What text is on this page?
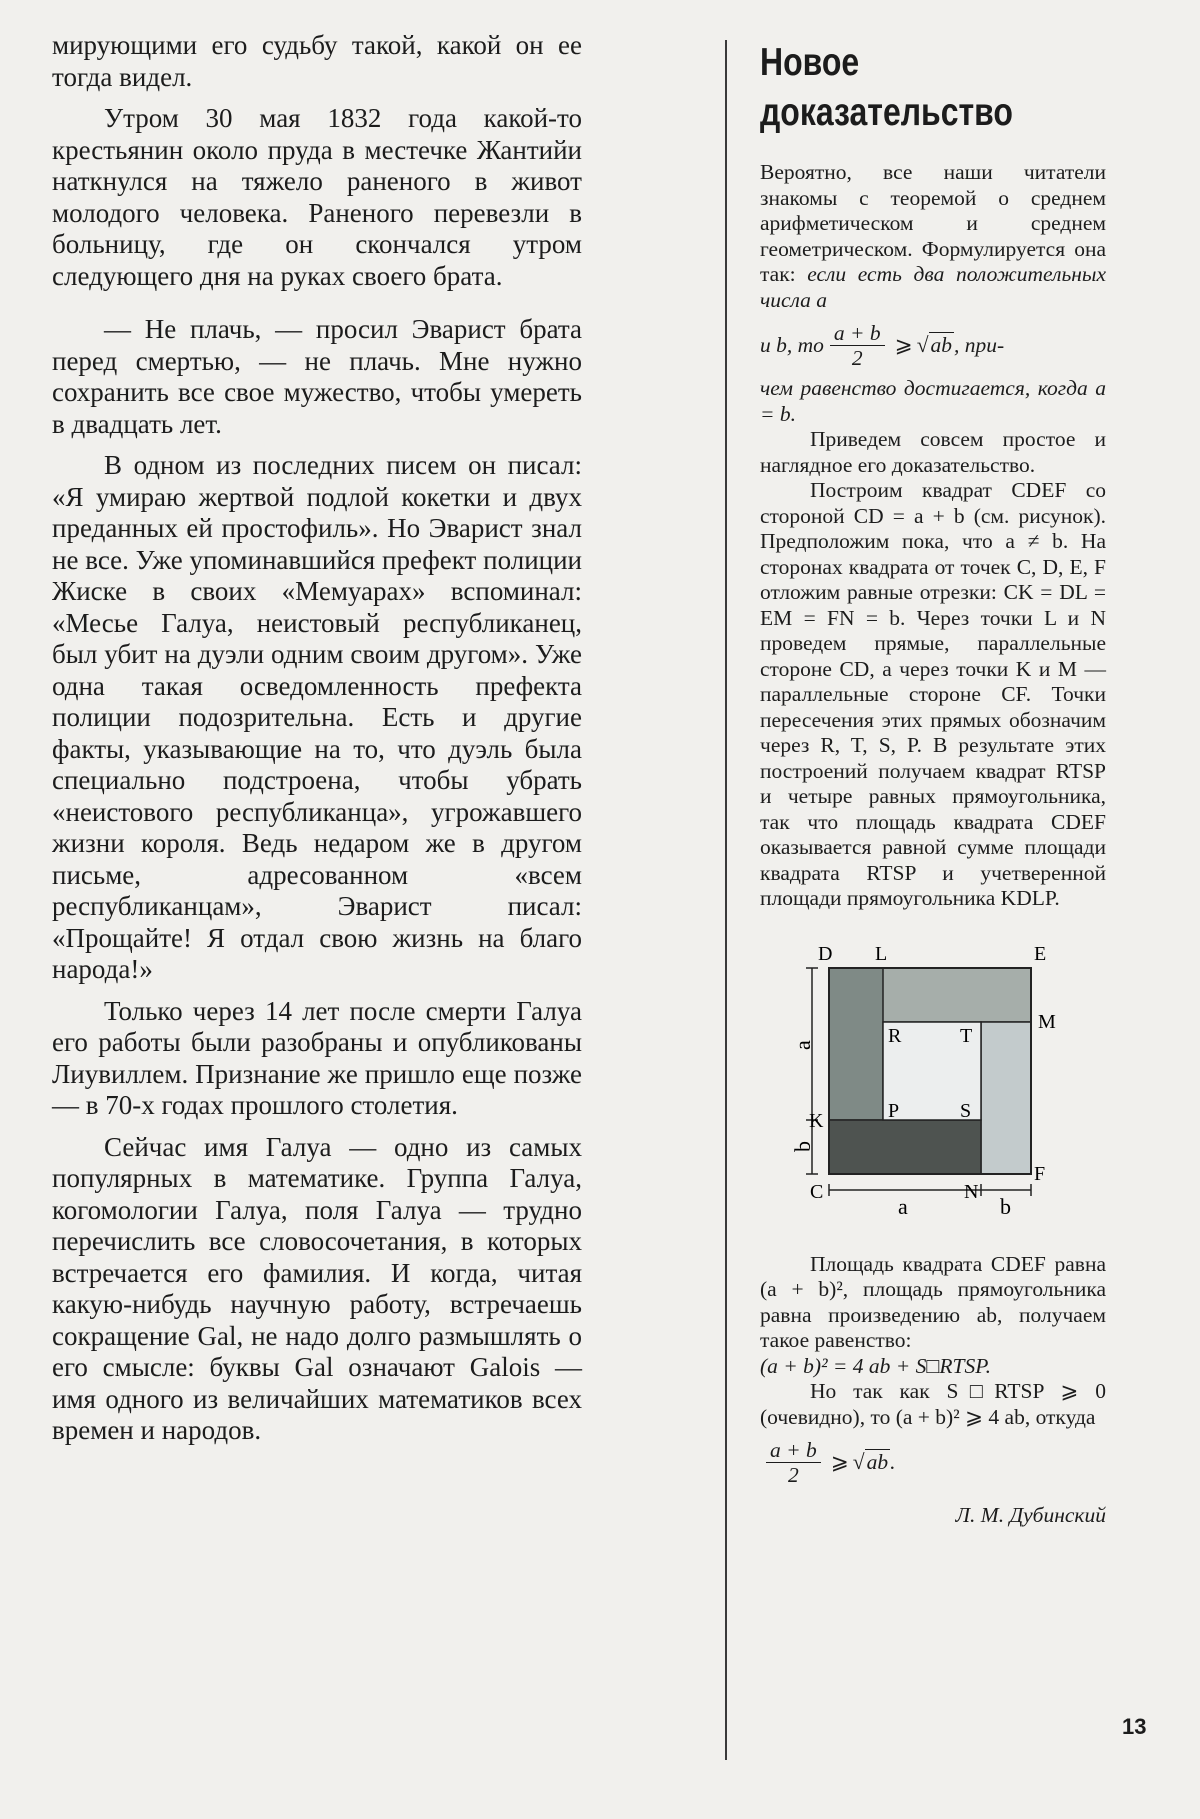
мирующими его судьбу такой, какой он ее тогда видел.

Утром 30 мая 1832 года какой-то крестьянин около пруда в местечке Жантийи наткнулся на тяжело раненого в живот молодого человека. Раненого перевезли в больницу, где он скончался утром следующего дня на руках своего брата.

— Не плачь, — просил Эварист брата перед смертью, — не плачь. Мне нужно сохранить все свое мужество, чтобы умереть в двадцать лет.

В одном из последних писем он писал: «Я умираю жертвой подлой кокетки и двух преданных ей простофиль». Но Эварист знал не все. Уже упоминавшийся префект полиции Жиске в своих «Мемуарах» вспоминал: «Месье Галуа, неистовый республиканец, был убит на дуэли одним своим другом». Уже одна такая осведомленность префекта полиции подозрительна. Есть и другие факты, указывающие на то, что дуэль была специально подстроена, чтобы убрать «неистового республиканца», угрожавшего жизни короля. Ведь недаром же в другом письме, адресованном «всем республиканцам», Эварист писал: «Прощайте! Я отдал свою жизнь на благо народа!»

Только через 14 лет после смерти Галуа его работы были разобраны и опубликованы Лиувиллем. Признание же пришло еще позже — в 70-х годах прошлого столетия.

Сейчас имя Галуа — одно из самых популярных в математике. Группа Галуа, когомологии Галуа, поля Галуа — трудно перечислить все словосочетания, в которых встречается его фамилия. И когда, читая какую-нибудь научную работу, встречаешь сокращение Gal, не надо долго размышлять о его смысле: буквы Gal означают Galois — имя одного из величайших математиков всех времен и народов.

Новое
доказательство

Вероятно, все наши читатели знакомы с теоремой о среднем арифметическом и среднем геометрическом. Формулируется она так: если есть два положительных числа a

и b, то $\frac{a + b}{2}$ ⩾ √ ab , при-

чем равенство достигается, когда a = b.

Приведем совсем простое и наглядное его доказательство.

Построим квадрат CDEF со стороной CD = a + b (см. рисунок). Предположим пока, что a ≠ b. На сторонах квадрата от точек C, D, E, F отложим равные отрезки: CK = DL = EM = FN = b. Через точки L и N проведем прямые, параллельные стороне CD, а через точки K и M — параллельные стороне CF. Точки пересечения этих прямых обозначим через R, T, S, P. В результате этих построений получаем квадрат RTSP и четыре равных прямоугольника, так что площадь квадрата CDEF оказывается равной сумме площади квадрата RTSP и учетверенной площади прямоугольника KDLP.

D L	E
M
R	T
K	P	S
C	N
F
a
b
a	b

Площадь квадрата CDEF равна (a + b)², площадь прямоугольника равна произведению ab, получаем такое равенство:

(a + b)² = 4 ab + S□RTSP.

Но так как S□RTSP ⩾ 0 (очевидно), то (a + b)² ⩾ 4 ab, откуда

$\frac{a + b}{2}$ ⩾ √ ab .
Л. М. Дубинский
13
